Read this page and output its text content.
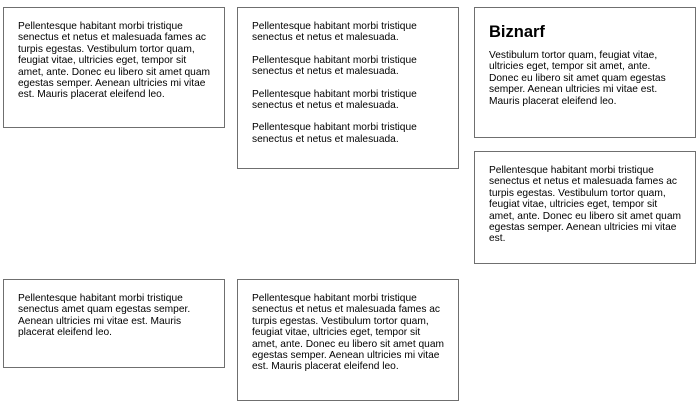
Pellentesque habitant morbi tristique senectus et netus et malesuada fames ac turpis egestas. Vestibulum tortor quam, feugiat vitae, ultricies eget, tempor sit amet, ante. Donec eu libero sit amet quam egestas semper. Aenean ultricies mi vitae est. Mauris placerat eleifend leo.

Pellentesque habitant morbi tristique senectus et netus et malesuada.

Pellentesque habitant morbi tristique senectus et netus et malesuada.

Pellentesque habitant morbi tristique senectus et netus et malesuada.

Pellentesque habitant morbi tristique senectus et netus et malesuada.

Biznarf

Vestibulum tortor quam, feugiat vitae, ultricies eget, tempor sit amet, ante. Donec eu libero sit amet quam egestas semper. Aenean ultricies mi vitae est. Mauris placerat eleifend leo.

Pellentesque habitant morbi tristique senectus et netus et malesuada fames ac turpis egestas. Vestibulum tortor quam, feugiat vitae, ultricies eget, tempor sit amet, ante. Donec eu libero sit amet quam egestas semper. Aenean ultricies mi vitae est.

Pellentesque habitant morbi tristique senectus amet quam egestas semper. Aenean ultricies mi vitae est. Mauris placerat eleifend leo.

Pellentesque habitant morbi tristique senectus et netus et malesuada fames ac turpis egestas. Vestibulum tortor quam, feugiat vitae, ultricies eget, tempor sit amet, ante. Donec eu libero sit amet quam egestas semper. Aenean ultricies mi vitae est. Mauris placerat eleifend leo.
